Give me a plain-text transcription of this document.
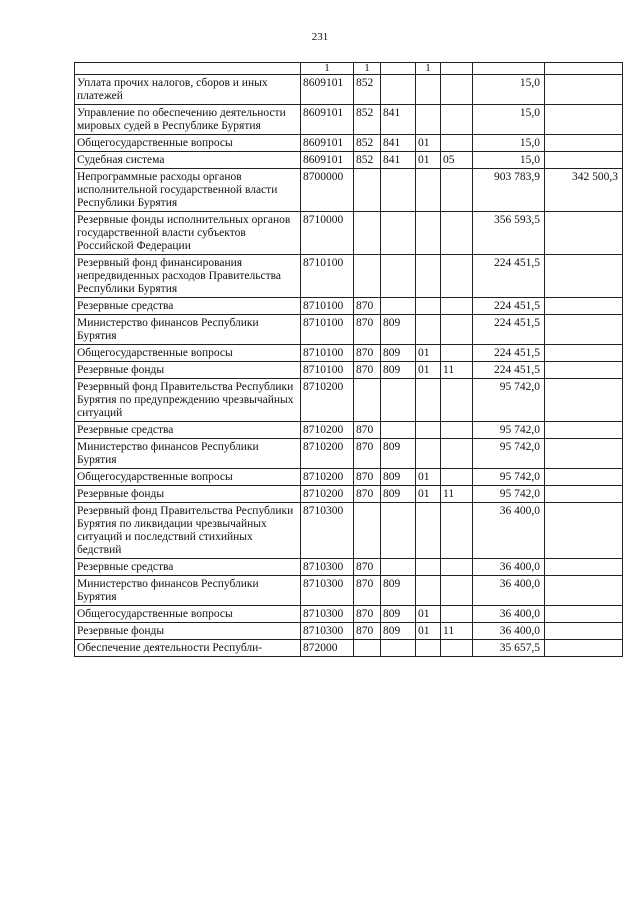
231
	1	1		1			
Уплата прочих налогов, сборов и иных платежей	8609101	852				15,0	
Управление по обеспечению деятельности мировых судей в Республике Бурятия	8609101	852	841			15,0	
Общегосударственные вопросы	8609101	852	841	01		15,0	
Судебная система	8609101	852	841	01	05	15,0	
Непрограммные расходы органов исполнительной государственной власти Республики Бурятия	8700000					903 783,9	342 500,3
Резервные фонды исполнительных органов государственной власти субъектов Российской Федерации	8710000					356 593,5	
Резервный фонд финансирования непредвиденных расходов Правительства Республики Бурятия	8710100					224 451,5	
Резервные средства	8710100	870				224 451,5	
Министерство финансов Республики Бурятия	8710100	870	809			224 451,5	
Общегосударственные вопросы	8710100	870	809	01		224 451,5	
Резервные фонды	8710100	870	809	01	11	224 451,5	
Резервный фонд Правительства Республики Бурятия по предупреждению чрезвычайных ситуаций	8710200					95 742,0	
Резервные средства	8710200	870				95 742,0	
Министерство финансов Республики Бурятия	8710200	870	809			95 742,0	
Общегосударственные вопросы	8710200	870	809	01		95 742,0	
Резервные фонды	8710200	870	809	01	11	95 742,0	
Резервный фонд Правительства Республики Бурятия по ликвидации чрезвычайных ситуаций и последствий стихийных бедствий	8710300					36 400,0	
Резервные средства	8710300	870				36 400,0	
Министерство финансов Республики Бурятия	8710300	870	809			36 400,0	
Общегосударственные вопросы	8710300	870	809	01		36 400,0	
Резервные фонды	8710300	870	809	01	11	36 400,0	
Обеспечение деятельности Республи-	872000					35 657,5	
